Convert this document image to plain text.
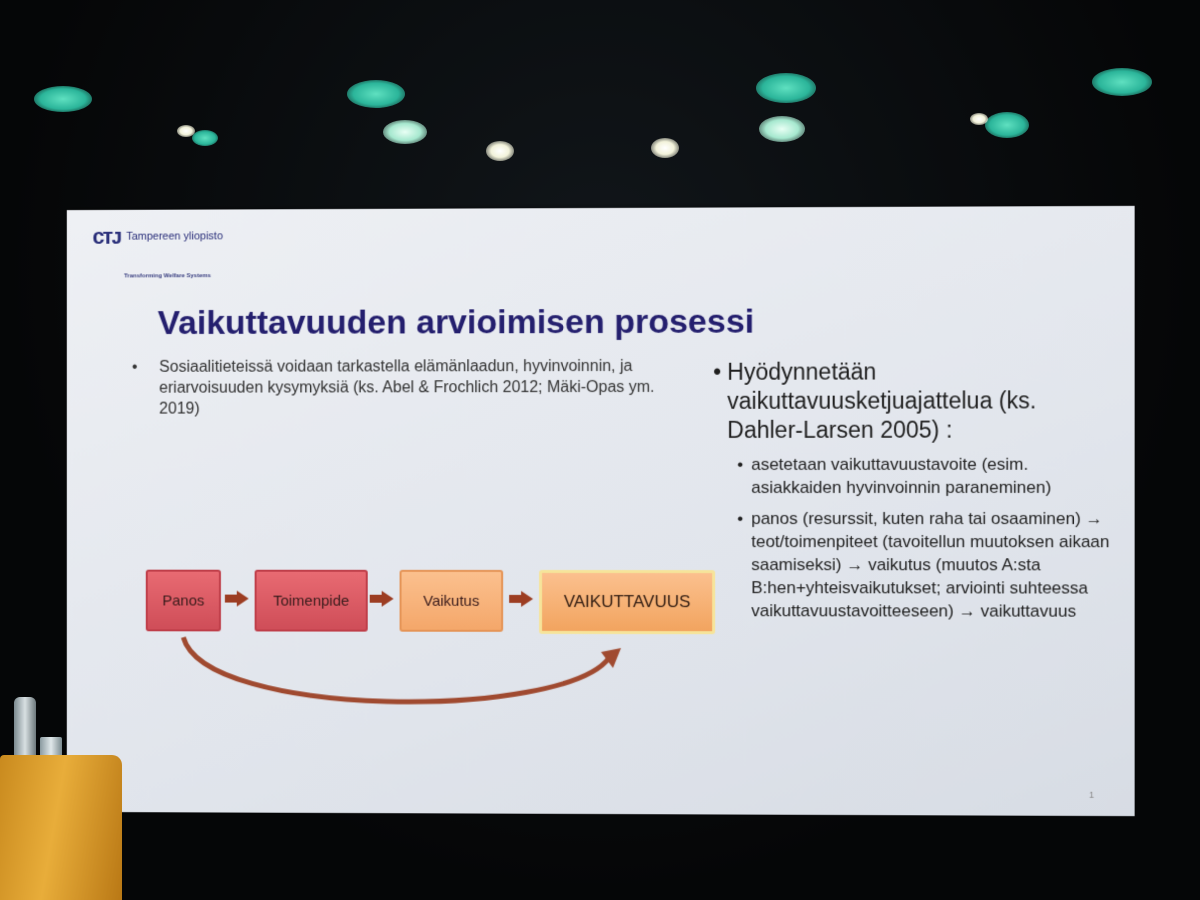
ᴄᴛᴊ Tampereen yliopisto
Transforming Welfare Systems
Vaikuttavuuden arvioimisen prosessi
• Sosiaalitieteissä voidaan tarkastella elämänlaadun, hyvinvoinnin, ja eriarvoisuuden kysymyksiä (ks. Abel & Frochlich 2012; Mäki-Opas ym. 2019)
Panos	Toimenpide	Vaikutus	VAIKUTTAVUUS
• Hyödynnetään vaikuttavuusketjuajattelua (ks. Dahler-Larsen 2005) :
• asetetaan vaikuttavuustavoite (esim. asiakkaiden hyvinvoinnin paraneminen)
• panos (resurssit, kuten raha tai osaaminen) → teot/toimenpiteet (tavoitellun muutoksen aikaan saamiseksi) → vaikutus (muutos A:sta B:hen+yhteisvaikutukset; arviointi suhteessa vaikuttavuustavoitteeseen) → vaikuttavuus
1
